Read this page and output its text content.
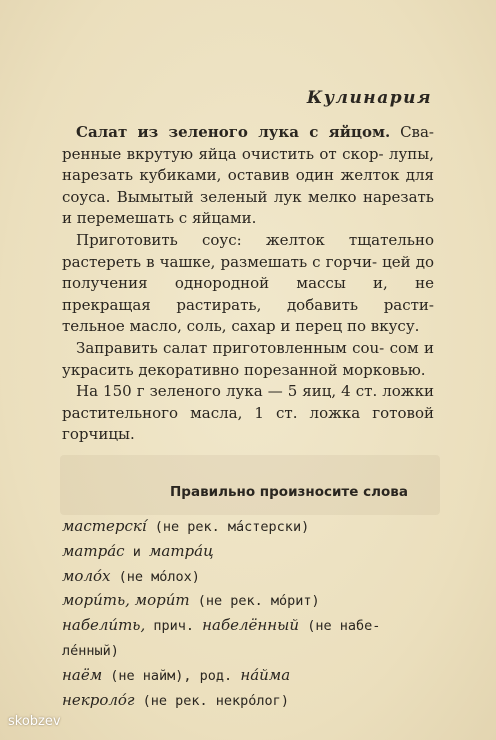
Кулинария

Салат из зеленого лука с яйцом. Сва- ренные вкрутую яйца очистить от скор- лупы, нарезать кубиками, оставив один желток для соуса. Вымытый зеленый лук мелко нарезать и перемешать с яйцами.

Приготовить соус: желток тщательно растереть в чашке, размешать с горчи- цей до получения однородной массы и, не прекращая растирать, добавить расти- тельное масло, соль, сахар и перец по вкусу.

Заправить салат приготовленным сou- сом и украсить декоративно порезанной морковью.

На 150 г зеленого лука — 5 яиц, 4 ст. ложки растительного масла, 1 ст. ложка готовой горчицы.

Правильно произносите слова
мастерскı́ (не рек. ма́стерски)
матра́с и матра́ц
моло́х (не мо́лох)
мори́ть, мори́т (не рек. мо́рит)
набели́ть, прич. набелённый (не набе-
ле́нный)
наём (не найм), род. на́йма
некроло́г (не рек. некро́лог)
skobzev
